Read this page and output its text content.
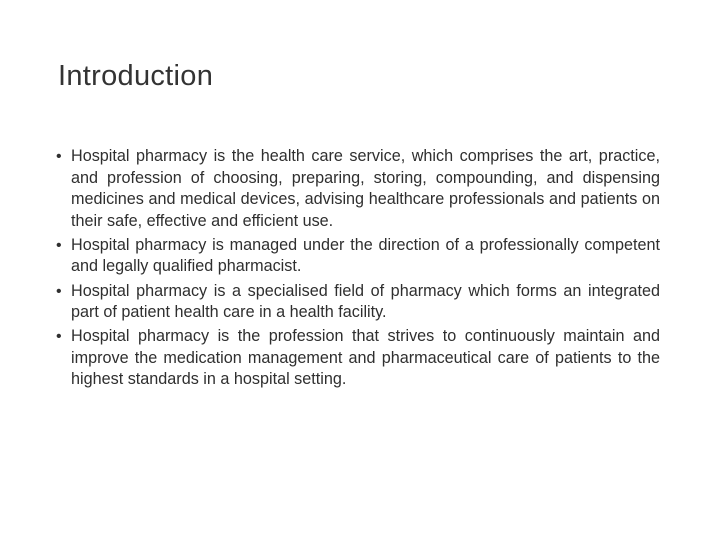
Introduction
• Hospital pharmacy is the health care service, which comprises the art, practice, and profession of choosing, preparing, storing, compounding, and dispensing medicines and medical devices, advising healthcare professionals and patients on their safe, effective and efficient use.
• Hospital pharmacy is managed under the direction of a professionally competent and legally qualified pharmacist.
• Hospital pharmacy is a specialised field of pharmacy which forms an integrated part of patient health care in a health facility.
• Hospital pharmacy is the profession that strives to continuously maintain and improve the medication management and pharmaceutical care of patients to the highest standards in a hospital setting.
